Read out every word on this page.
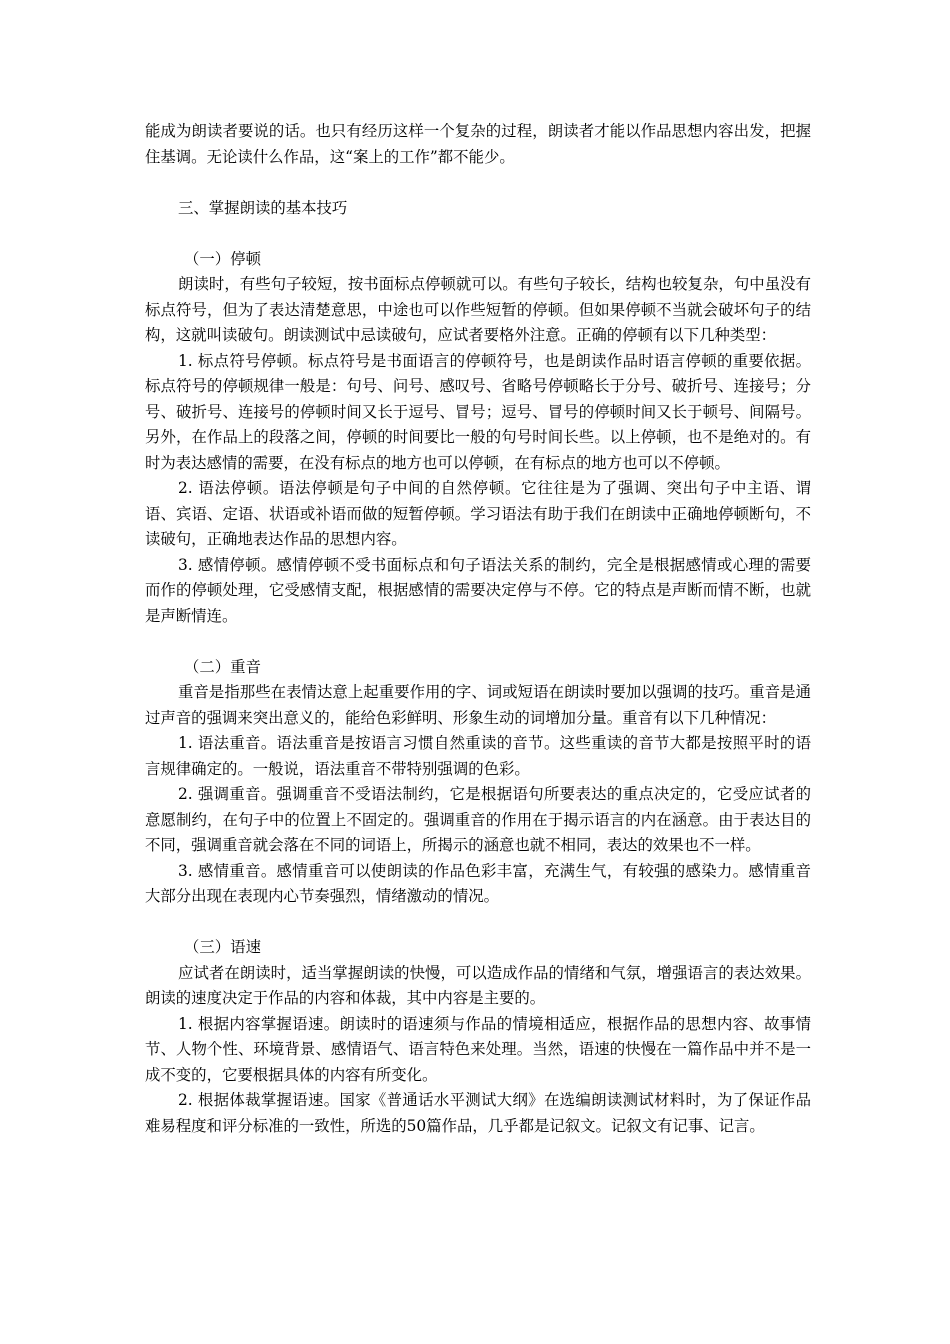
能成为朗读者要说的话。也只有经历这样一个复杂的过程，朗读者才能以作品思想内容出发，把握住基调。无论读什么作品，这“案上的工作”都不能少。

三、掌握朗读的基本技巧

（一）停顿

朗读时，有些句子较短，按书面标点停顿就可以。有些句子较长，结构也较复杂，句中虽没有标点符号，但为了表达清楚意思，中途也可以作些短暂的停顿。但如果停顿不当就会破坏句子的结构，这就叫读破句。朗读测试中忌读破句，应试者要格外注意。正确的停顿有以下几种类型：

1. 标点符号停顿。标点符号是书面语言的停顿符号，也是朗读作品时语言停顿的重要依据。标点符号的停顿规律一般是：句号、问号、感叹号、省略号停顿略长于分号、破折号、连接号；分号、破折号、连接号的停顿时间又长于逗号、冒号；逗号、冒号的停顿时间又长于顿号、间隔号。另外，在作品上的段落之间，停顿的时间要比一般的句号时间长些。以上停顿，也不是绝对的。有时为表达感情的需要，在没有标点的地方也可以停顿，在有标点的地方也可以不停顿。

2. 语法停顿。语法停顿是句子中间的自然停顿。它往往是为了强调、突出句子中主语、谓语、宾语、定语、状语或补语而做的短暂停顿。学习语法有助于我们在朗读中正确地停顿断句，不读破句，正确地表达作品的思想内容。

3. 感情停顿。感情停顿不受书面标点和句子语法关系的制约，完全是根据感情或心理的需要而作的停顿处理，它受感情支配，根据感情的需要决定停与不停。它的特点是声断而情不断，也就是声断情连。

（二）重音

重音是指那些在表情达意上起重要作用的字、词或短语在朗读时要加以强调的技巧。重音是通过声音的强调来突出意义的，能给色彩鲜明、形象生动的词增加分量。重音有以下几种情况：

1. 语法重音。语法重音是按语言习惯自然重读的音节。这些重读的音节大都是按照平时的语言规律确定的。一般说，语法重音不带特别强调的色彩。

2. 强调重音。强调重音不受语法制约，它是根据语句所要表达的重点决定的，它受应试者的意愿制约，在句子中的位置上不固定的。强调重音的作用在于揭示语言的内在涵意。由于表达目的不同，强调重音就会落在不同的词语上，所揭示的涵意也就不相同，表达的效果也不一样。

3. 感情重音。感情重音可以使朗读的作品色彩丰富，充满生气，有较强的感染力。感情重音大部分出现在表现内心节奏强烈，情绪激动的情况。

（三）语速

应试者在朗读时，适当掌握朗读的快慢，可以造成作品的情绪和气氛，增强语言的表达效果。朗读的速度决定于作品的内容和体裁，其中内容是主要的。

1. 根据内容掌握语速。朗读时的语速须与作品的情境相适应，根据作品的思想内容、故事情节、人物个性、环境背景、感情语气、语言特色来处理。当然，语速的快慢在一篇作品中并不是一成不变的，它要根据具体的内容有所变化。

2. 根据体裁掌握语速。国家《普通话水平测试大纲》在选编朗读测试材料时，为了保证作品难易程度和评分标准的一致性，所选的50篇作品，几乎都是记叙文。记叙文有记事、记言。
